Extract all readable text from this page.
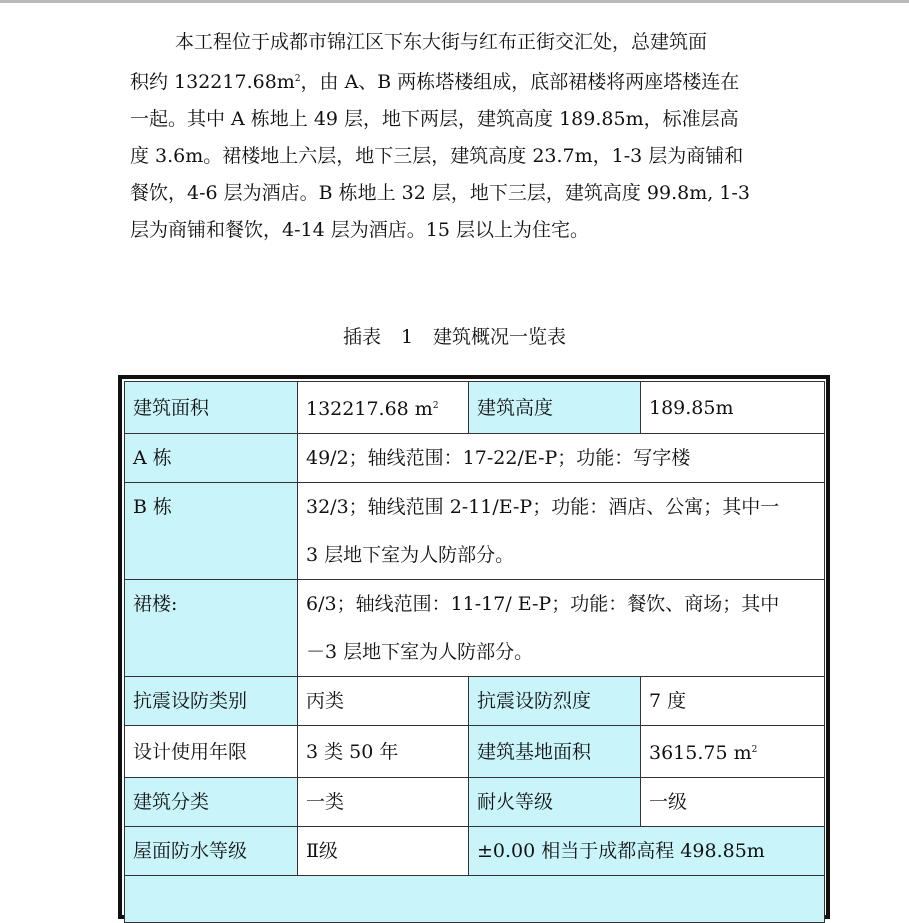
本工程位于成都市锦江区下东大街与红布正街交汇处，总建筑面

积约 $132217.68m^2$，由 A、B 两栋塔楼组成，底部裙楼将两座塔楼连在

一起。其中 A 栋地上 49 层，地下两层，建筑高度 189.85m，标准层高

度 3.6m。裙楼地上六层，地下三层，建筑高度 23.7m，1-3 层为商铺和

餐饮，4-6 层为酒店。B 栋地上 32 层，地下三层，建筑高度 99.8m, 1-3

层为商铺和餐饮，4-14 层为酒店。15 层以上为住宅。

插表 1 建筑概况一览表
建筑面积	132217.68 $m^2$	建筑高度	189.85m
A 栋	49/2；轴线范围：17-22/E-P；功能：写字楼		
B 栋	32/3；轴线范围 2-11/E-P；功能：酒店、公寓；其中一
3 层地下室为人防部分。		

裙楼:	6/3；轴线范围：11-17/ E-P；功能：餐饮、商场；其中
－3 层地下室为人防部分。		

抗震设防类别	丙类	抗震设防烈度	7 度
设计使用年限	3 类 50 年	建筑基地面积	3615.75 $m^2$
建筑分类	一类	耐火等级	一级
屋面防水等级	Ⅱ级	±0.00 相当于成都高程 498.85m	
